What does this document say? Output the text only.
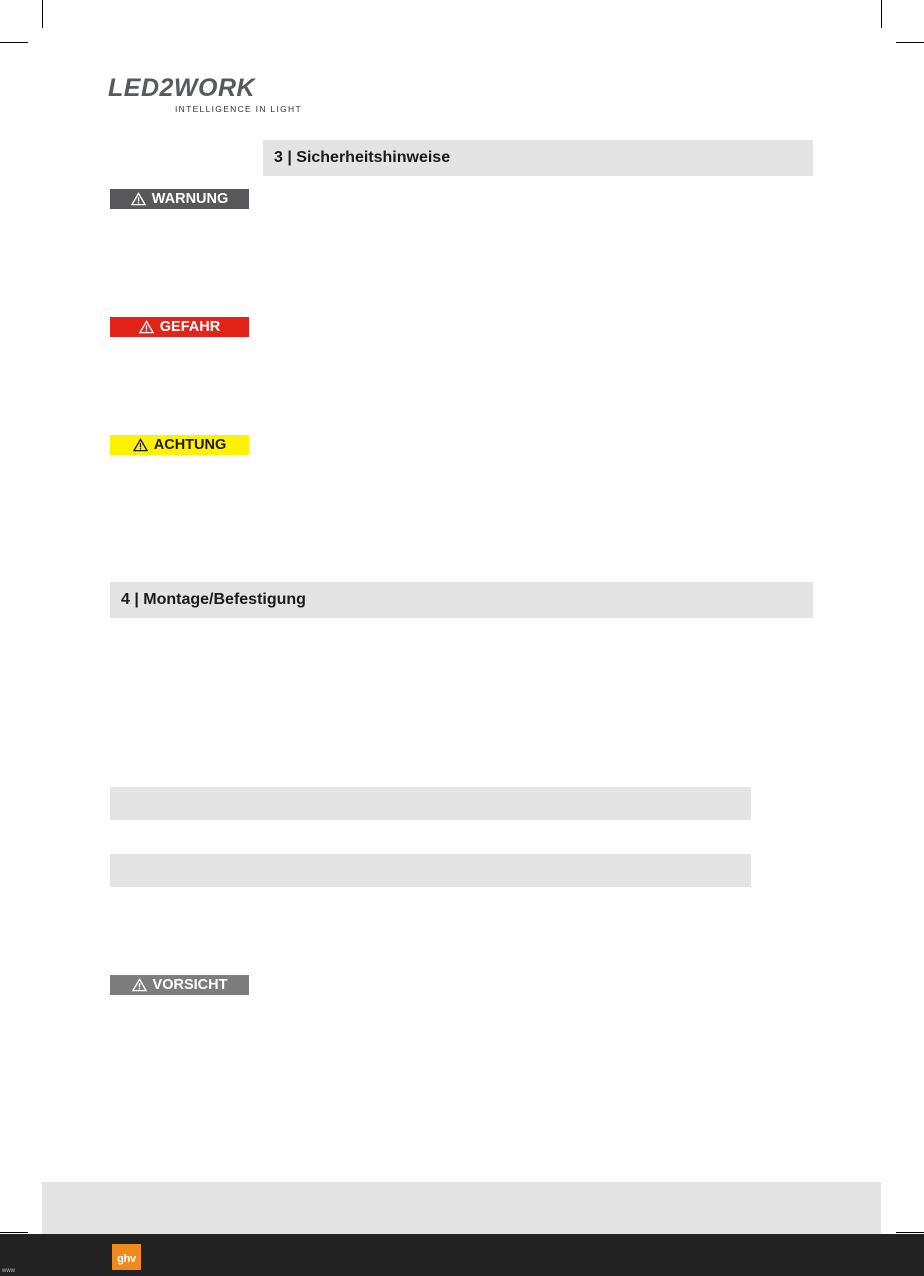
LED2WORK
INTELLIGENCE IN LIGHT
3 | Sicherheitshinweise
WARNUNG
GEFAHR
ACHTUNG
4 | Montage/Befestigung
VORSICHT
ghv
www
